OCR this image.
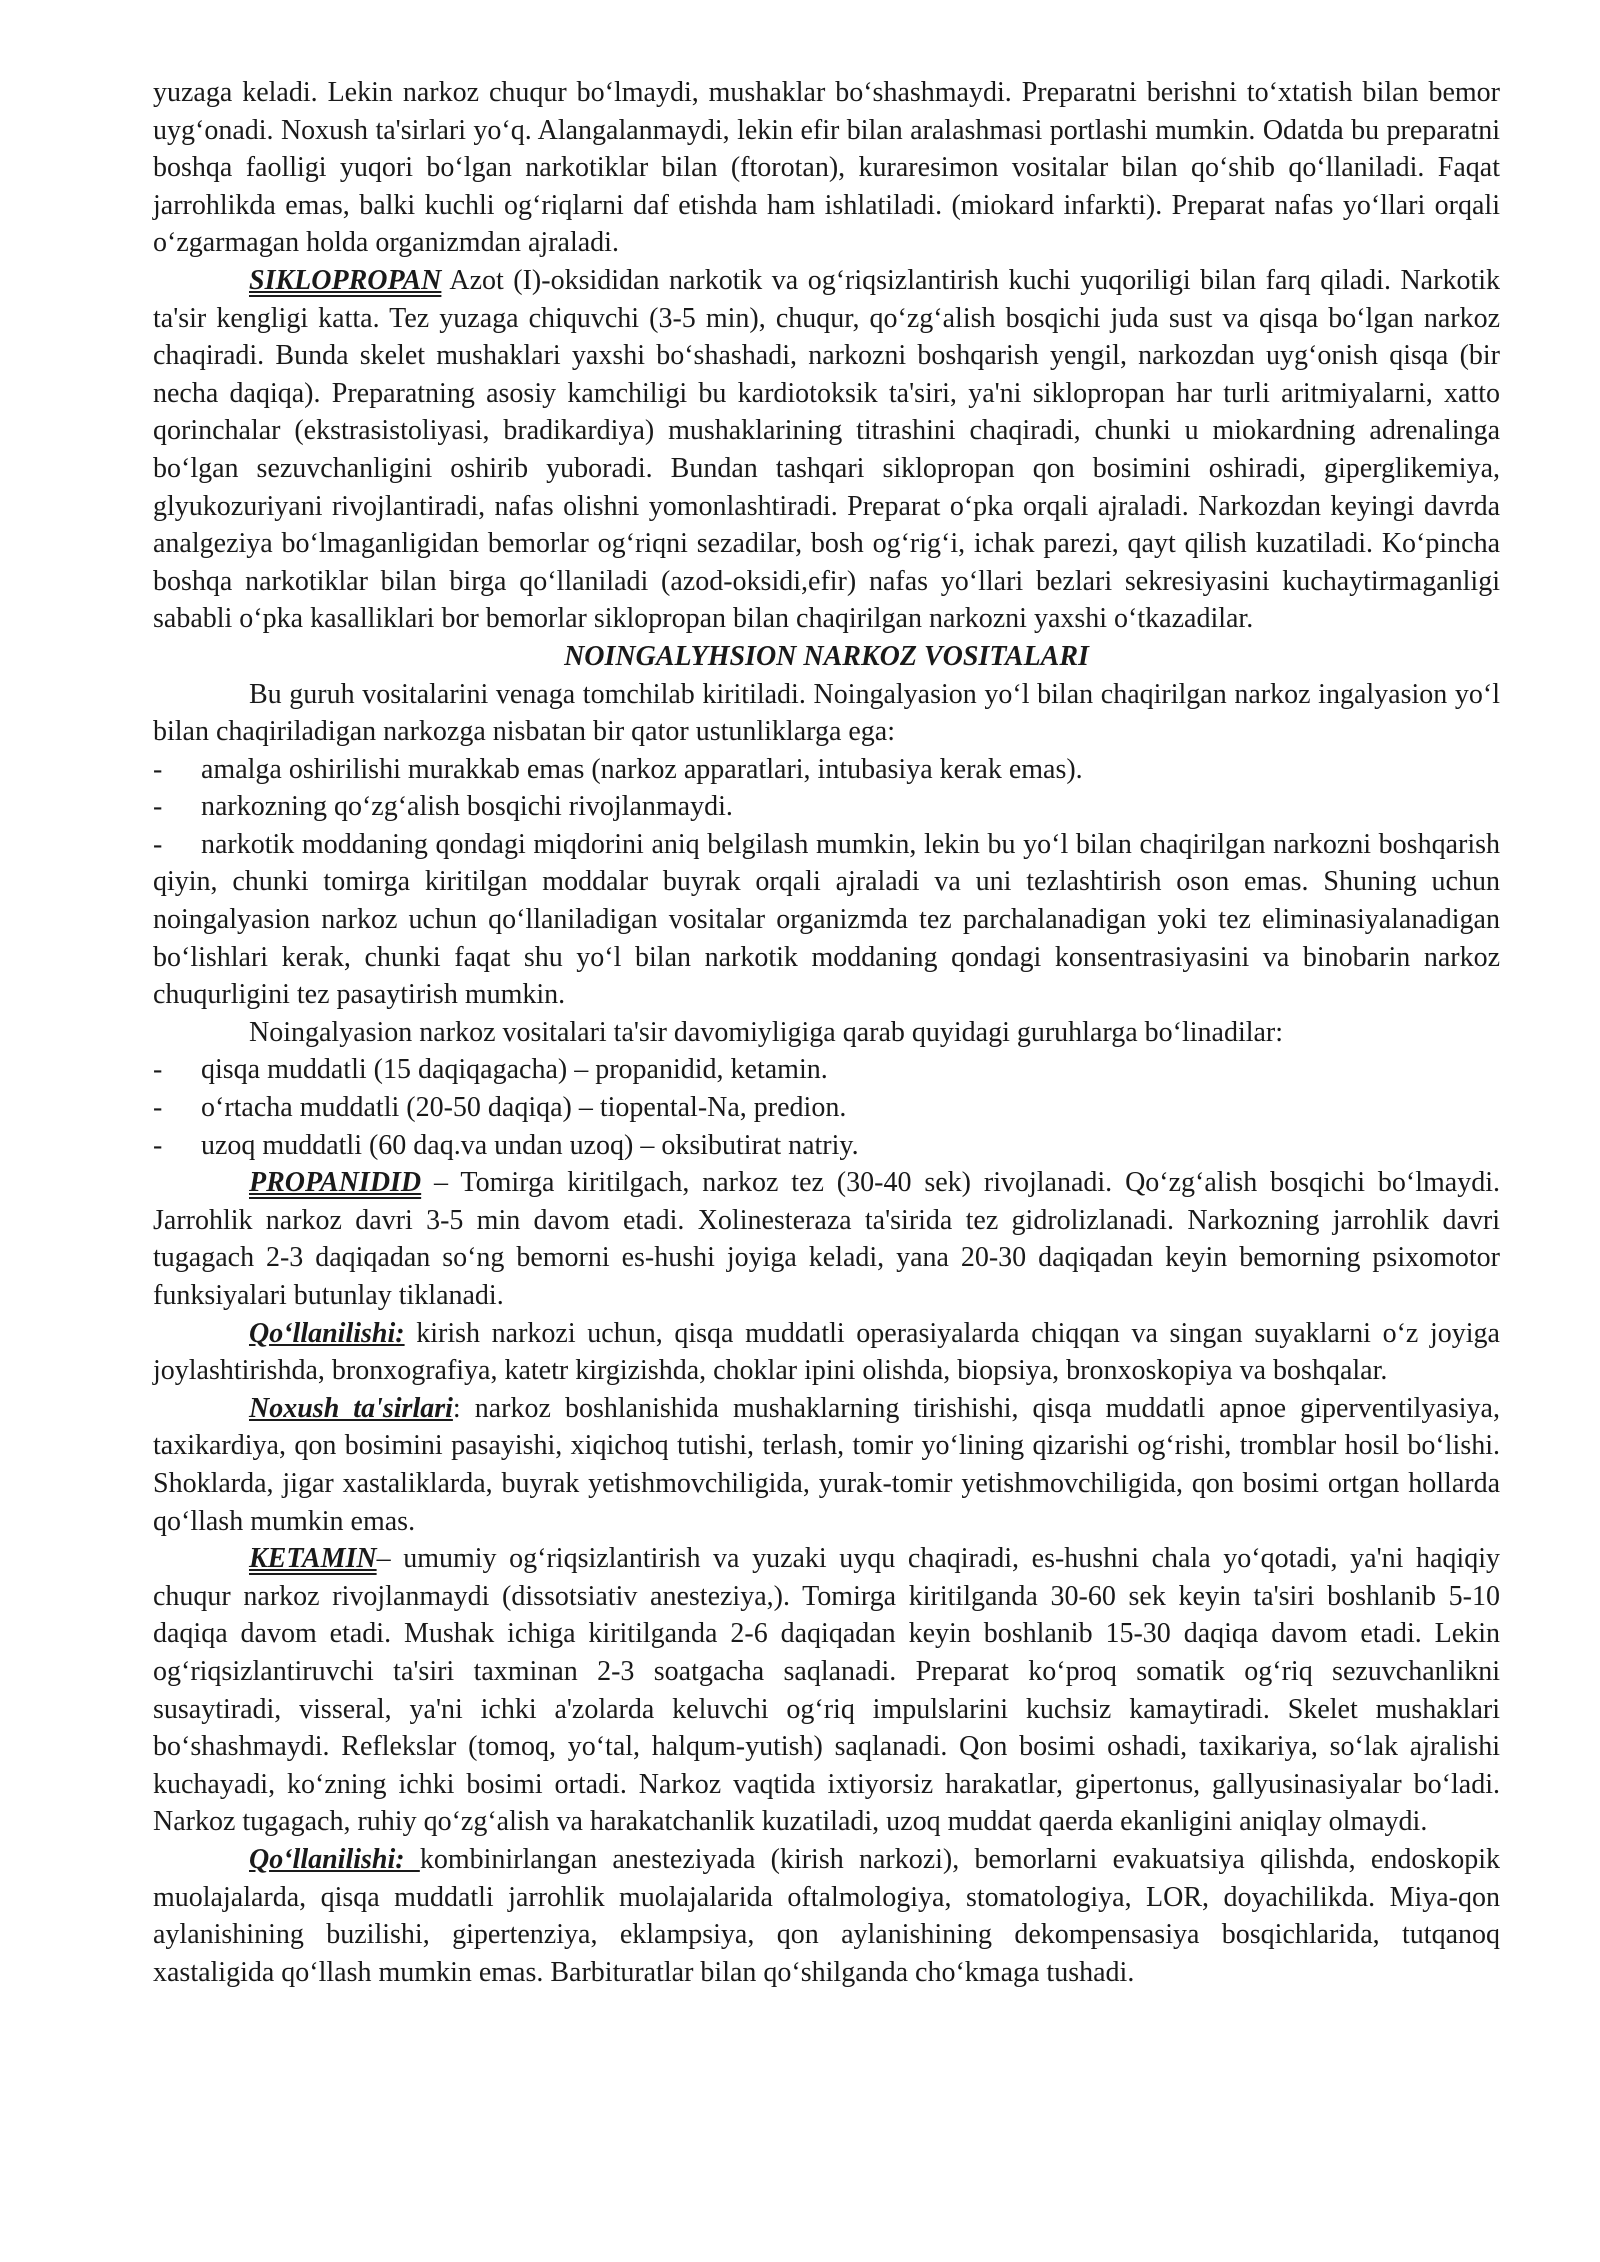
yuzaga keladi. Lekin narkoz chuqur bo‘lmaydi, mushaklar bo‘shashmaydi. Preparatni berishni to‘xtatish bilan bemor uyg‘onadi. Noxush ta'sirlari yo‘q. Alangalanmaydi, lekin efir bilan aralashmasi portlashi mumkin. Odatda bu preparatni boshqa faolligi yuqori bo‘lgan narkotiklar bilan (ftorotan), kuraresimon vositalar bilan qo‘shib qo‘llaniladi. Faqat jarrohlikda emas, balki kuchli og‘riqlarni daf etishda ham ishlatiladi. (miokard infarkti). Preparat nafas yo‘llari orqali o‘zgarmagan holda organizmdan ajraladi.

SIKLOPROPAN Azot (I)-oksididan narkotik va og‘riqsizlantirish kuchi yuqoriligi bilan farq qiladi. Narkotik ta'sir kengligi katta. Tez yuzaga chiquvchi (3-5 min), chuqur, qo‘zg‘alish bosqichi juda sust va qisqa bo‘lgan narkoz chaqiradi. Bunda skelet mushaklari yaxshi bo‘shashadi, narkozni boshqarish yengil, narkozdan uyg‘onish qisqa (bir necha daqiqa). Preparatning asosiy kamchiligi bu kardiotoksik ta'siri, ya'ni siklopropan har turli aritmiyalarni, xatto qorinchalar (ekstrasistoliyasi, bradikardiya) mushaklarining titrashini chaqiradi, chunki u miokardning adrenalinga bo‘lgan sezuvchanligini oshirib yuboradi. Bundan tashqari siklopropan qon bosimini oshiradi, giperglikemiya, glyukozuriyani rivojlantiradi, nafas olishni yomonlashtiradi. Preparat o‘pka orqali ajraladi. Narkozdan keyingi davrda analgeziya bo‘lmaganligidan bemorlar og‘riqni sezadilar, bosh og‘rig‘i, ichak parezi, qayt qilish kuzatiladi. Ko‘pincha boshqa narkotiklar bilan birga qo‘llaniladi (azod-oksidi,efir) nafas yo‘llari bezlari sekresiyasini kuchaytirmaganligi sababli o‘pka kasalliklari bor bemorlar siklopropan bilan chaqirilgan narkozni yaxshi o‘tkazadilar.

NOINGALYHSION NARKOZ VOSITALARI

Bu guruh vositalarini venaga tomchilab kiritiladi. Noingalyasion yo‘l bilan chaqirilgan narkoz ingalyasion yo‘l bilan chaqiriladigan narkozga nisbatan bir qator ustunliklarga ega:

-	amalga oshirilishi murakkab emas (narkoz apparatlari, intubasiya kerak emas).
-	narkozning qo‘zg‘alish bosqichi rivojlanmaydi.

- narkotik moddaning qondagi miqdorini aniq belgilash mumkin, lekin bu yo‘l bilan chaqirilgan narkozni boshqarish qiyin, chunki tomirga kiritilgan moddalar buyrak orqali ajraladi va uni tezlashtirish oson emas. Shuning uchun noingalyasion narkoz uchun qo‘llaniladigan vositalar organizmda tez parchalanadigan yoki tez eliminasiyalanadigan bo‘lishlari kerak, chunki faqat shu yo‘l bilan narkotik moddaning qondagi konsentrasiyasini va binobarin narkoz chuqurligini tez pasaytirish mumkin.

Noingalyasion narkoz vositalari ta'sir davomiyligiga qarab quyidagi guruhlarga bo‘linadilar:

-	qisqa muddatli (15 daqiqagacha) – propanidid, ketamin.
-	o‘rtacha muddatli (20-50 daqiqa) – tiopental-Na, predion.
-	uzoq muddatli (60 daq.va undan uzoq) – oksibutirat natriy.

PROPANIDID – Tomirga kiritilgach, narkoz tez (30-40 sek) rivojlanadi. Qo‘zg‘alish bosqichi bo‘lmaydi. Jarrohlik narkoz davri 3-5 min davom etadi. Xolinesteraza ta'sirida tez gidrolizlanadi. Narkozning jarrohlik davri tugagach 2-3 daqiqadan so‘ng bemorni es-hushi joyiga keladi, yana 20-30 daqiqadan keyin bemorning psixomotor funksiyalari butunlay tiklanadi.

Qo‘llanilishi: kirish narkozi uchun, qisqa muddatli operasiyalarda chiqqan va singan suyaklarni o‘z joyiga joylashtirishda, bronxografiya, katetr kirgizishda, choklar ipini olishda, biopsiya, bronxoskopiya va boshqalar.

Noxush ta'sirlari: narkoz boshlanishida mushaklarning tirishishi, qisqa muddatli apnoe giperventilyasiya, taxikardiya, qon bosimini pasayishi, xiqichoq tutishi, terlash, tomir yo‘lining qizarishi og‘rishi, tromblar hosil bo‘lishi. Shoklarda, jigar xastaliklarda, buyrak yetishmovchiligida, yurak-tomir yetishmovchiligida, qon bosimi ortgan hollarda qo‘llash mumkin emas.

KETAMIN– umumiy og‘riqsizlantirish va yuzaki uyqu chaqiradi, es-hushni chala yo‘qotadi, ya'ni haqiqiy chuqur narkoz rivojlanmaydi (dissotsiativ anesteziya,). Tomirga kiritilganda 30-60 sek keyin ta'siri boshlanib 5-10 daqiqa davom etadi. Mushak ichiga kiritilganda 2-6 daqiqadan keyin boshlanib 15-30 daqiqa davom etadi. Lekin og‘riqsizlantiruvchi ta'siri taxminan 2-3 soatgacha saqlanadi. Preparat ko‘proq somatik og‘riq sezuvchanlikni susaytiradi, visseral, ya'ni ichki a'zolarda keluvchi og‘riq impulslarini kuchsiz kamaytiradi. Skelet mushaklari bo‘shashmaydi. Reflekslar (tomoq, yo‘tal, halqum-yutish) saqlanadi. Qon bosimi oshadi, taxikariya, so‘lak ajralishi kuchayadi, ko‘zning ichki bosimi ortadi. Narkoz vaqtida ixtiyorsiz harakatlar, gipertonus, gallyusinasiyalar bo‘ladi. Narkoz tugagach, ruhiy qo‘zg‘alish va harakatchanlik kuzatiladi, uzoq muddat qaerda ekanligini aniqlay olmaydi.

Qo‘llanilishi: kombinirlangan anesteziyada (kirish narkozi), bemorlarni evakuatsiya qilishda, endoskopik muolajalarda, qisqa muddatli jarrohlik muolajalarida oftalmologiya, stomatologiya, LOR, doyachilikda. Miya-qon aylanishining buzilishi, gipertenziya, eklampsiya, qon aylanishining dekompensasiya bosqichlarida, tutqanoq xastaligida qo‘llash mumkin emas. Barbituratlar bilan qo‘shilganda cho‘kmaga tushadi.
